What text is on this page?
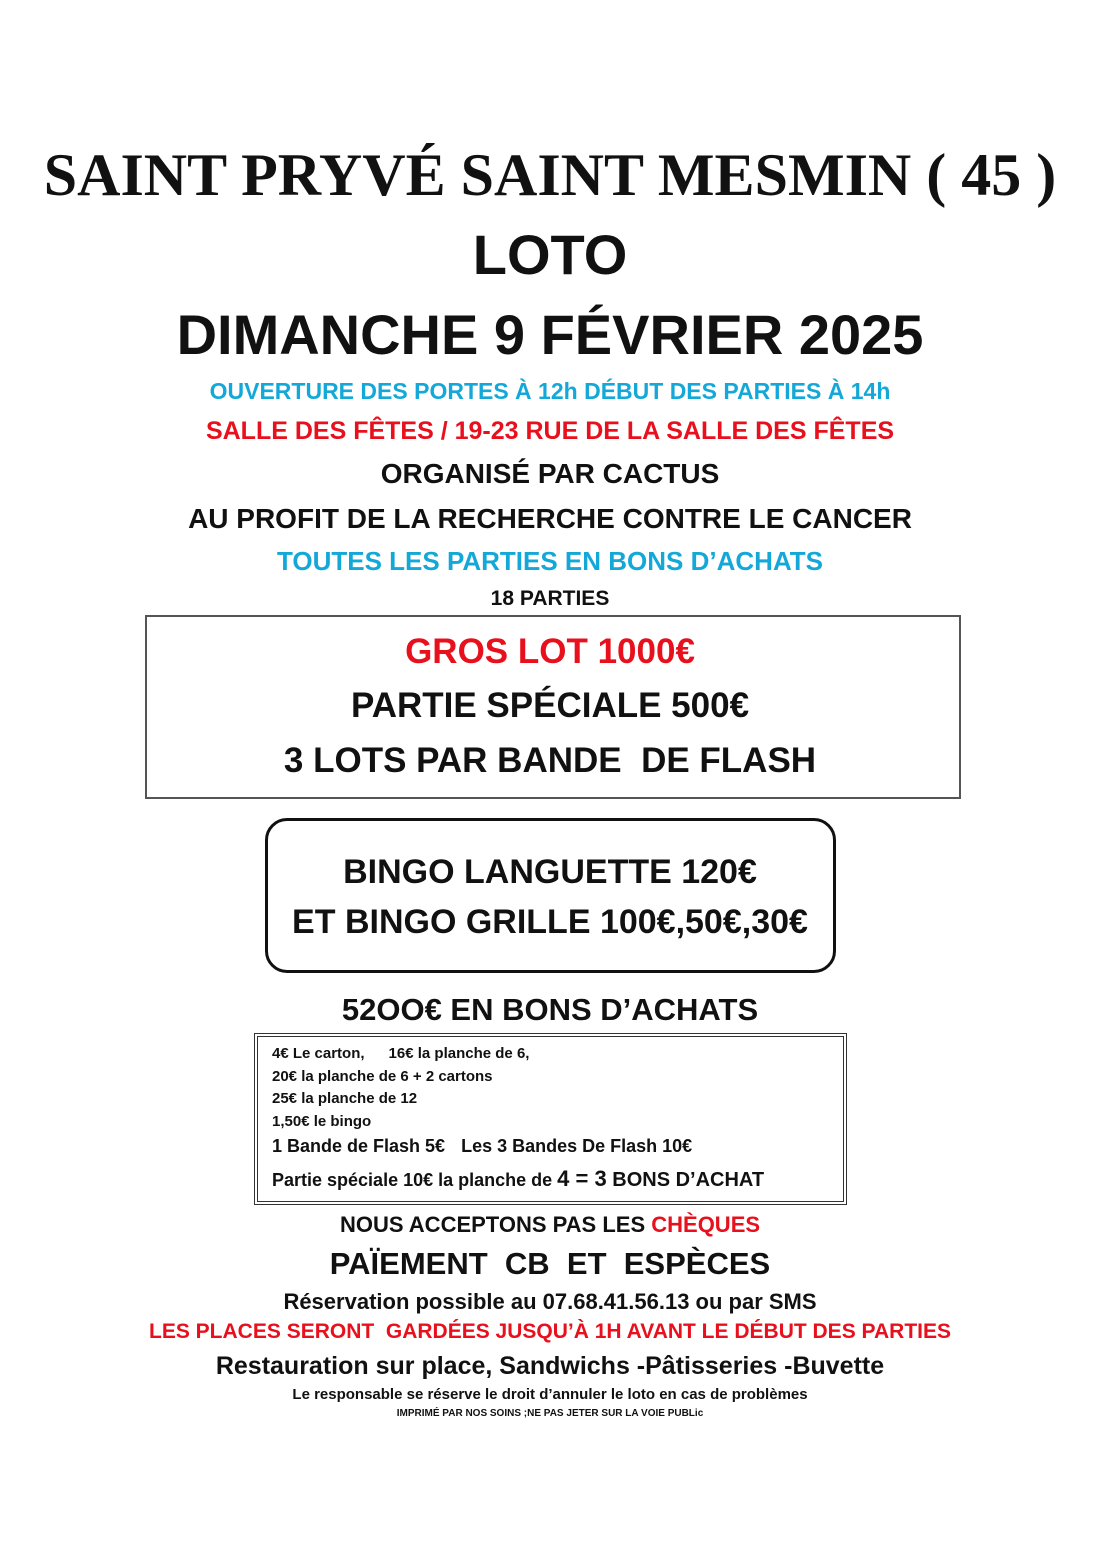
SAINT PRYVÉ SAINT MESMIN ( 45 )
LOTO
DIMANCHE 9 FÉVRIER 2025
OUVERTURE DES PORTES À 12h DÉBUT DES PARTIES À 14h
SALLE DES FÊTES / 19-23 RUE DE LA SALLE DES FÊTES
ORGANISÉ PAR CACTUS
AU PROFIT DE LA RECHERCHE CONTRE LE CANCER
TOUTES LES PARTIES EN BONS D’ACHATS
18 PARTIES
GROS LOT 1000€
PARTIE SPÉCIALE 500€
3 LOTS PAR BANDE  DE FLASH
BINGO LANGUETTE 120€
ET BINGO GRILLE 100€,50€,30€
52OO€ EN BONS D’ACHATS
4€ Le carton, 16€ la planche de 6,
20€ la planche de 6 + 2 cartons
25€ la planche de 12
1,50€ le bingo
1 Bande de Flash 5€ Les 3 Bandes De Flash 10€
Partie spéciale 10€ la planche de 4 = 3 BONS D’ACHAT
NOUS ACCEPTONS PAS LES CHÈQUES
PAÏEMENT  CB  ET  ESPÈCES
Réservation possible au 07.68.41.56.13 ou par SMS
LES PLACES SERONT  GARDÉES JUSQU’À 1H AVANT LE DÉBUT DES PARTIES
Restauration sur place, Sandwichs -Pâtisseries -Buvette
Le responsable se réserve le droit d’annuler le loto en cas de problèmes
IMPRIMÉ PAR NOS SOINS ;NE PAS JETER SUR LA VOIE PUBLic
